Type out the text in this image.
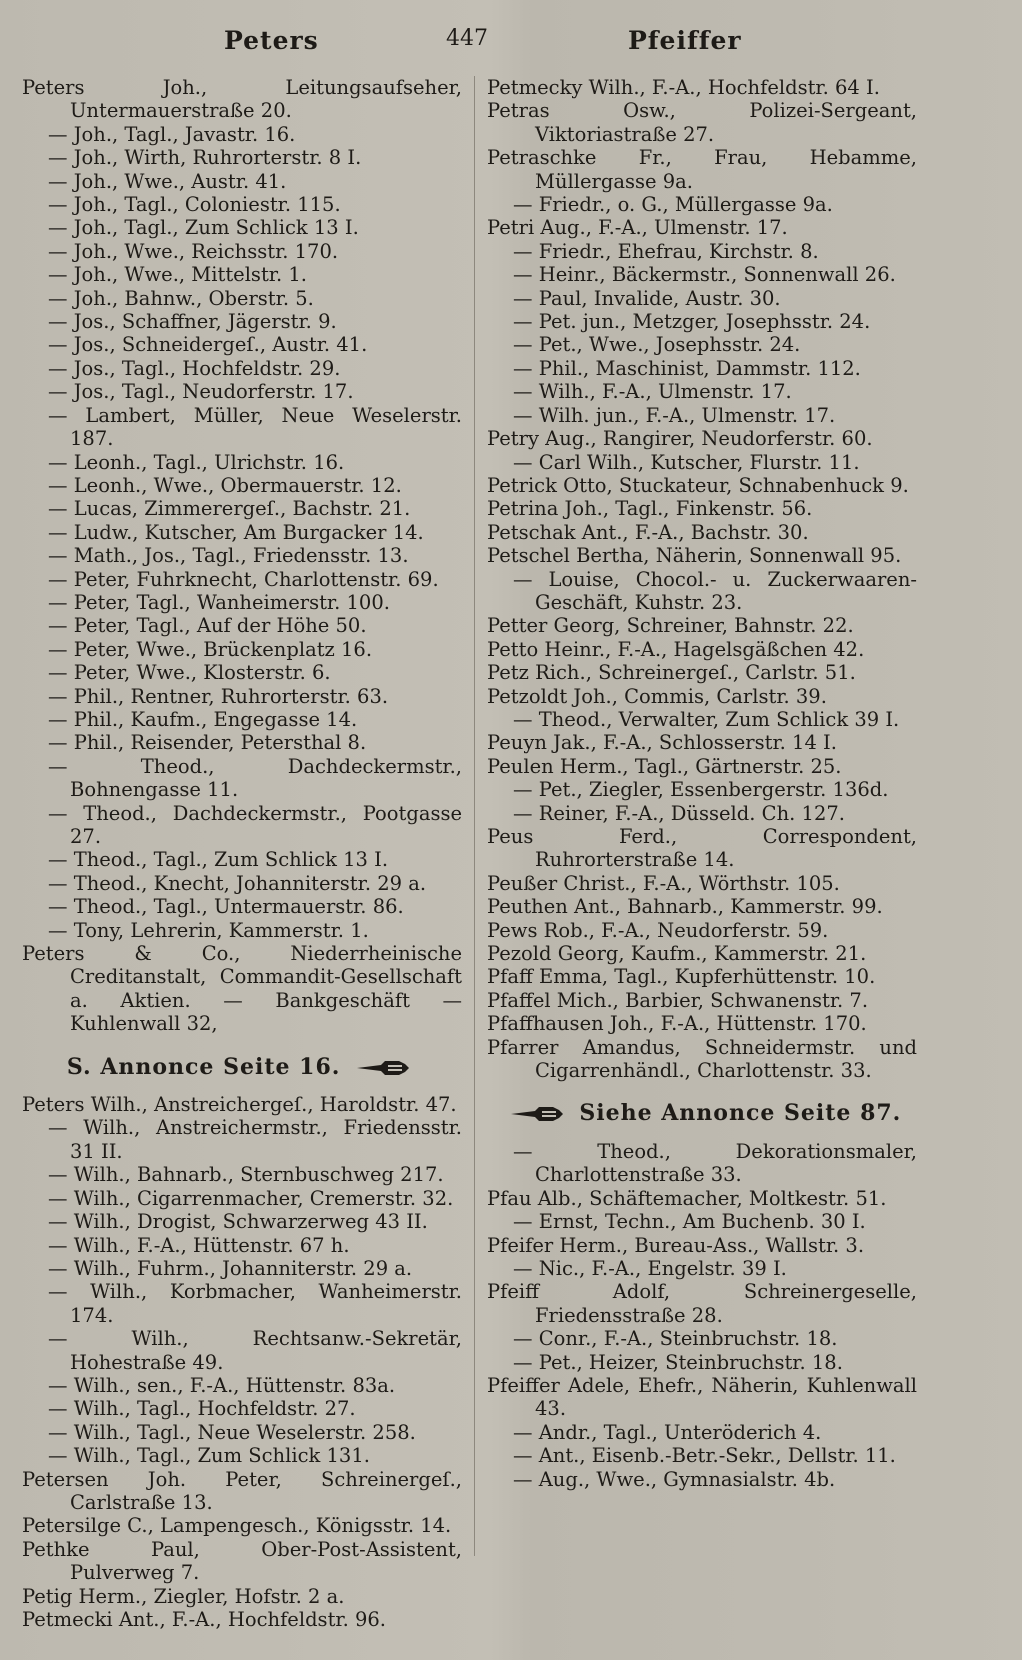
Peters	447	Pfeiffer

Peters Joh., Leitungsaufseher, Untermauerstraße 20.

— Joh., Tagl., Javastr. 16.

— Joh., Wirth, Ruhrorterstr. 8 I.

— Joh., Wwe., Austr. 41.

— Joh., Tagl., Coloniestr. 115.

— Joh., Tagl., Zum Schlick 13 I.

— Joh., Wwe., Reichsstr. 170.

— Joh., Wwe., Mittelstr. 1.

— Joh., Bahnw., Oberstr. 5.

— Jos., Schaffner, Jägerstr. 9.

— Jos., Schneidergeſ., Austr. 41.

— Jos., Tagl., Hochfeldstr. 29.

— Jos., Tagl., Neudorferstr. 17.

— Lambert, Müller, Neue Weselerstr. 187.

— Leonh., Tagl., Ulrichstr. 16.

— Leonh., Wwe., Obermauerstr. 12.

— Lucas, Zimmerergeſ., Bachstr. 21.

— Ludw., Kutscher, Am Burgacker 14.

— Math., Jos., Tagl., Friedensstr. 13.

— Peter, Fuhrknecht, Charlottenstr. 69.

— Peter, Tagl., Wanheimerstr. 100.

— Peter, Tagl., Auf der Höhe 50.

— Peter, Wwe., Brückenplatz 16.

— Peter, Wwe., Klosterstr. 6.

— Phil., Rentner, Ruhrorterstr. 63.

— Phil., Kaufm., Engegasse 14.

— Phil., Reisender, Petersthal 8.

— Theod., Dachdeckermstr., Bohnengasse 11.

— Theod., Dachdeckermstr., Pootgasse 27.

— Theod., Tagl., Zum Schlick 13 I.

— Theod., Knecht, Johanniterstr. 29 a.

— Theod., Tagl., Untermauerstr. 86.

— Tony, Lehrerin, Kammerstr. 1.

Peters & Co., Niederrheinische Creditanstalt, Commandit-Gesellschaft a. Aktien. — Bankgeschäft — Kuhlenwall 32,

S. Annonce Seite 16.

Peters Wilh., Anstreichergeſ., Haroldstr. 47.

— Wilh., Anstreichermstr., Friedensstr. 31 II.

— Wilh., Bahnarb., Sternbuschweg 217.

— Wilh., Cigarrenmacher, Cremerstr. 32.

— Wilh., Drogist, Schwarzerweg 43 II.

— Wilh., F.-A., Hüttenstr. 67 h.

— Wilh., Fuhrm., Johanniterstr. 29 a.

— Wilh., Korbmacher, Wanheimerstr. 174.

— Wilh., Rechtsanw.-Sekretär, Hohestraße 49.

— Wilh., sen., F.-A., Hüttenstr. 83a.

— Wilh., Tagl., Hochfeldstr. 27.

— Wilh., Tagl., Neue Weselerstr. 258.

— Wilh., Tagl., Zum Schlick 131.

Petersen Joh. Peter, Schreinergeſ., Carlstraße 13.

Petersilge C., Lampengesch., Königsstr. 14.

Pethke Paul, Ober-Post-Assistent, Pulverweg 7.

Petig Herm., Ziegler, Hofstr. 2 a.

Petmecki Ant., F.-A., Hochfeldstr. 96.

Petmecky Wilh., F.-A., Hochfeldstr. 64 I.

Petras Osw., Polizei-Sergeant, Viktoriastraße 27.

Petraschke Fr., Frau, Hebamme, Müllergasse 9a.

— Friedr., o. G., Müllergasse 9a.

Petri Aug., F.-A., Ulmenstr. 17.

— Friedr., Ehefrau, Kirchstr. 8.

— Heinr., Bäckermstr., Sonnenwall 26.

— Paul, Invalide, Austr. 30.

— Pet. jun., Metzger, Josephsstr. 24.

— Pet., Wwe., Josephsstr. 24.

— Phil., Maschinist, Dammstr. 112.

— Wilh., F.-A., Ulmenstr. 17.

— Wilh. jun., F.-A., Ulmenstr. 17.

Petry Aug., Rangirer, Neudorferstr. 60.

— Carl Wilh., Kutscher, Flurstr. 11.

Petrick Otto, Stuckateur, Schnabenhuck 9.

Petrina Joh., Tagl., Finkenstr. 56.

Petschak Ant., F.-A., Bachstr. 30.

Petschel Bertha, Näherin, Sonnenwall 95.

— Louise, Chocol.- u. Zuckerwaaren-Geschäft, Kuhstr. 23.

Petter Georg, Schreiner, Bahnstr. 22.

Petto Heinr., F.-A., Hagelsgäßchen 42.

Petz Rich., Schreinergeſ., Carlstr. 51.

Petzoldt Joh., Commis, Carlstr. 39.

— Theod., Verwalter, Zum Schlick 39 I.

Peuyn Jak., F.-A., Schlosserstr. 14 I.

Peulen Herm., Tagl., Gärtnerstr. 25.

— Pet., Ziegler, Essenbergerstr. 136d.

— Reiner, F.-A., Düsseld. Ch. 127.

Peus Ferd., Correspondent, Ruhrorterstraße 14.

Peußer Christ., F.-A., Wörthstr. 105.

Peuthen Ant., Bahnarb., Kammerstr. 99.

Pews Rob., F.-A., Neudorferstr. 59.

Pezold Georg, Kaufm., Kammerstr. 21.

Pfaff Emma, Tagl., Kupferhüttenstr. 10.

Pfaffel Mich., Barbier, Schwanenstr. 7.

Pfaffhausen Joh., F.-A., Hüttenstr. 170.

Pfarrer Amandus, Schneidermstr. und Cigarrenhändl., Charlottenstr. 33.

Siehe Annonce Seite 87.

— Theod., Dekorationsmaler, Charlottenstraße 33.

Pfau Alb., Schäftemacher, Moltkestr. 51.

— Ernst, Techn., Am Buchenb. 30 I.

Pfeifer Herm., Bureau-Ass., Wallstr. 3.

— Nic., F.-A., Engelstr. 39 I.

Pfeiff Adolf, Schreinergeselle, Friedensstraße 28.

— Conr., F.-A., Steinbruchstr. 18.

— Pet., Heizer, Steinbruchstr. 18.

Pfeiffer Adele, Ehefr., Näherin, Kuhlenwall 43.

— Andr., Tagl., Unteröderich 4.

— Ant., Eisenb.-Betr.-Sekr., Dellstr. 11.

— Aug., Wwe., Gymnasialstr. 4b.
